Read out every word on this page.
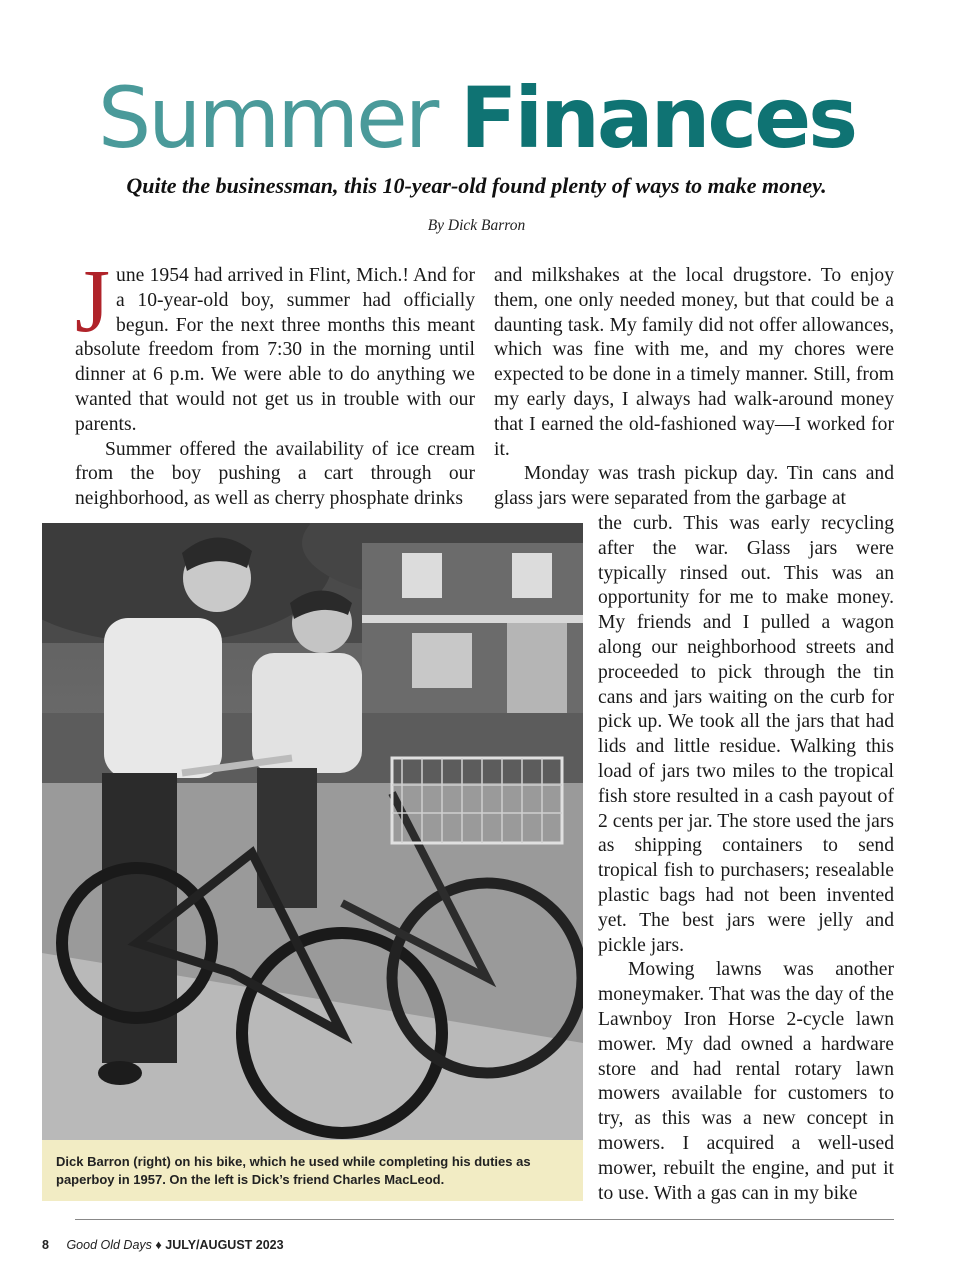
Summer Finances
Quite the businessman, this 10-year-old found plenty of ways to make money.
By Dick Barron

June 1954 had arrived in Flint, Mich.! And for a 10-year-old boy, summer had officially begun. For the next three months this meant absolute freedom from 7:30 in the morning until dinner at 6 p.m. We were able to do anything we wanted that would not get us in trouble with our parents.

Summer offered the availability of ice cream from the boy pushing a cart through our neighborhood, as well as cherry phosphate drinks

and milkshakes at the local drugstore. To enjoy them, one only needed money, but that could be a daunting task. My family did not offer allowances, which was fine with me, and my chores were expected to be done in a timely manner. Still, from my early days, I always had walk-around money that I earned the old-fashioned way—I worked for it.

Monday was trash pickup day. Tin cans and glass jars were separated from the garbage at

the curb. This was early recycling after the war. Glass jars were typically rinsed out. This was an opportunity for me to make money. My friends and I pulled a wagon along our neighborhood streets and proceeded to pick through the tin cans and jars waiting on the curb for pick up. We took all the jars that had lids and little residue. Walking this load of jars two miles to the tropical fish store resulted in a cash payout of 2 cents per jar. The store used the jars as shipping containers to send tropical fish to purchasers; resealable plastic bags had not been invented yet. The best jars were jelly and pickle jars.

Mowing lawns was another moneymaker. That was the day of the Lawnboy Iron Horse 2-cycle lawn mower. My dad owned a hardware store and had rental rotary lawn mowers available for customers to try, as this was a new concept in mowers. I acquired a well-used mower, rebuilt the engine, and put it to use. With a gas can in my bike

Dick Barron (right) on his bike, which he used while completing his duties as paperboy in 1957. On the left is Dick’s friend Charles MacLeod.
8 Good Old Days ♦ JULY/AUGUST 2023
